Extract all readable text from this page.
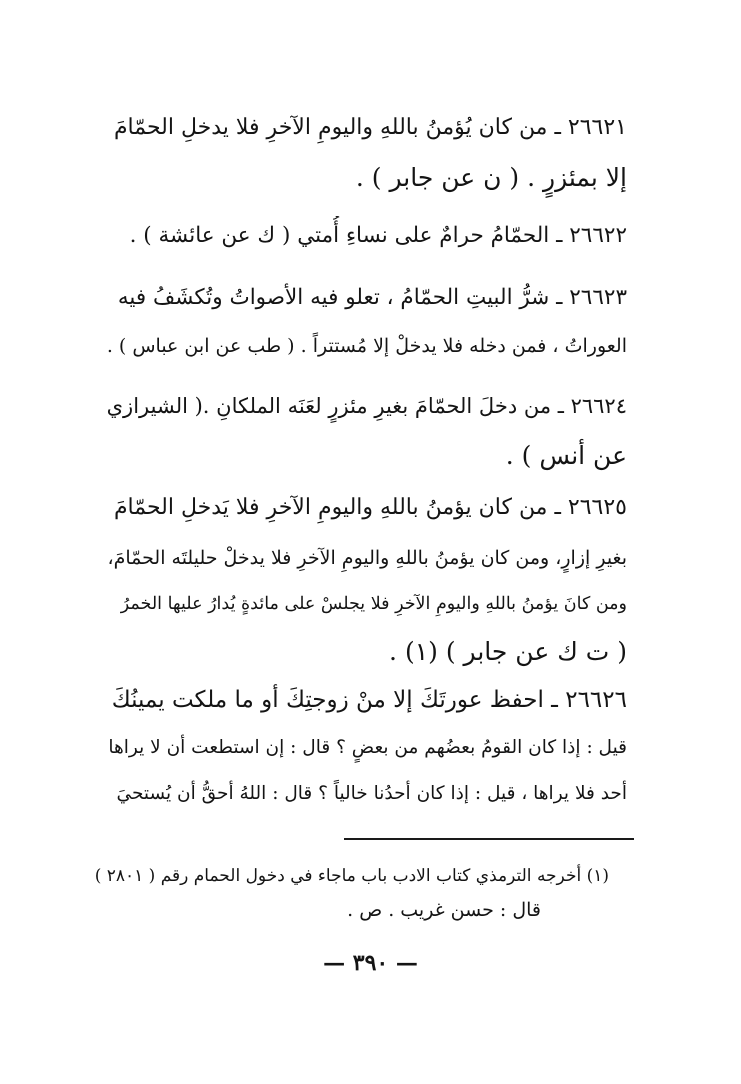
٢٦٦٢١ ـ من كان يُؤمنُ باللهِ واليومِ الآخرِ فلا يدخلِ الحمّامَ
إلا بمئزرٍ . ( ن عن جابر ) .
٢٦٦٢٢ ـ الحمّامُ حرامٌ على نساءِ أُمتي ( ك عن عائشة ) .
٢٦٦٢٣ ـ شرُّ البيتِ الحمّامُ ، تعلو فيه الأصواتُ وتُكشَفُ فيه
العوراتُ ، فمن دخله فلا يدخلْ إلا مُستتراً . ( طب عن ابن عباس ) .
٢٦٦٢٤ ـ من دخلَ الحمّامَ بغيرِ مئزرٍ لعَنَه الملكانِ .( الشيرازي
عن أنس ) .
٢٦٦٢٥ ـ من كان يؤمنُ باللهِ واليومِ الآخرِ فلا يَدخلِ الحمّامَ
بغيرِ إزارٍ، ومن كان يؤمنُ باللهِ واليومِ الآخرِ فلا يدخلْ حليلتَه الحمّامَ،
ومن كانَ يؤمنُ باللهِ واليومِ الآخرِ فلا يجلسْ على مائدةٍ يُدارُ عليها الخمرُ
( ت ك عن جابر ) (١) .
٢٦٦٢٦ ـ احفظ عورتَكَ إلا منْ زوجتِكَ أو ما ملكت يمينُكَ
قيل : إذا كان القومُ بعضُهم من بعضٍ ؟ قال : إن استطعت أن لا يراها
أحد فلا يراها ، قيل : إذا كان أحدُنا خالياً ؟ قال : اللهُ أحقُّ أن يُستحيَ
(١) أخرجه الترمذي كتاب الادب باب ماجاء في دخول الحمام رقم ( ٢٨٠١ )
قال : حسن غريب . ص .
— ٣٩٠ —
